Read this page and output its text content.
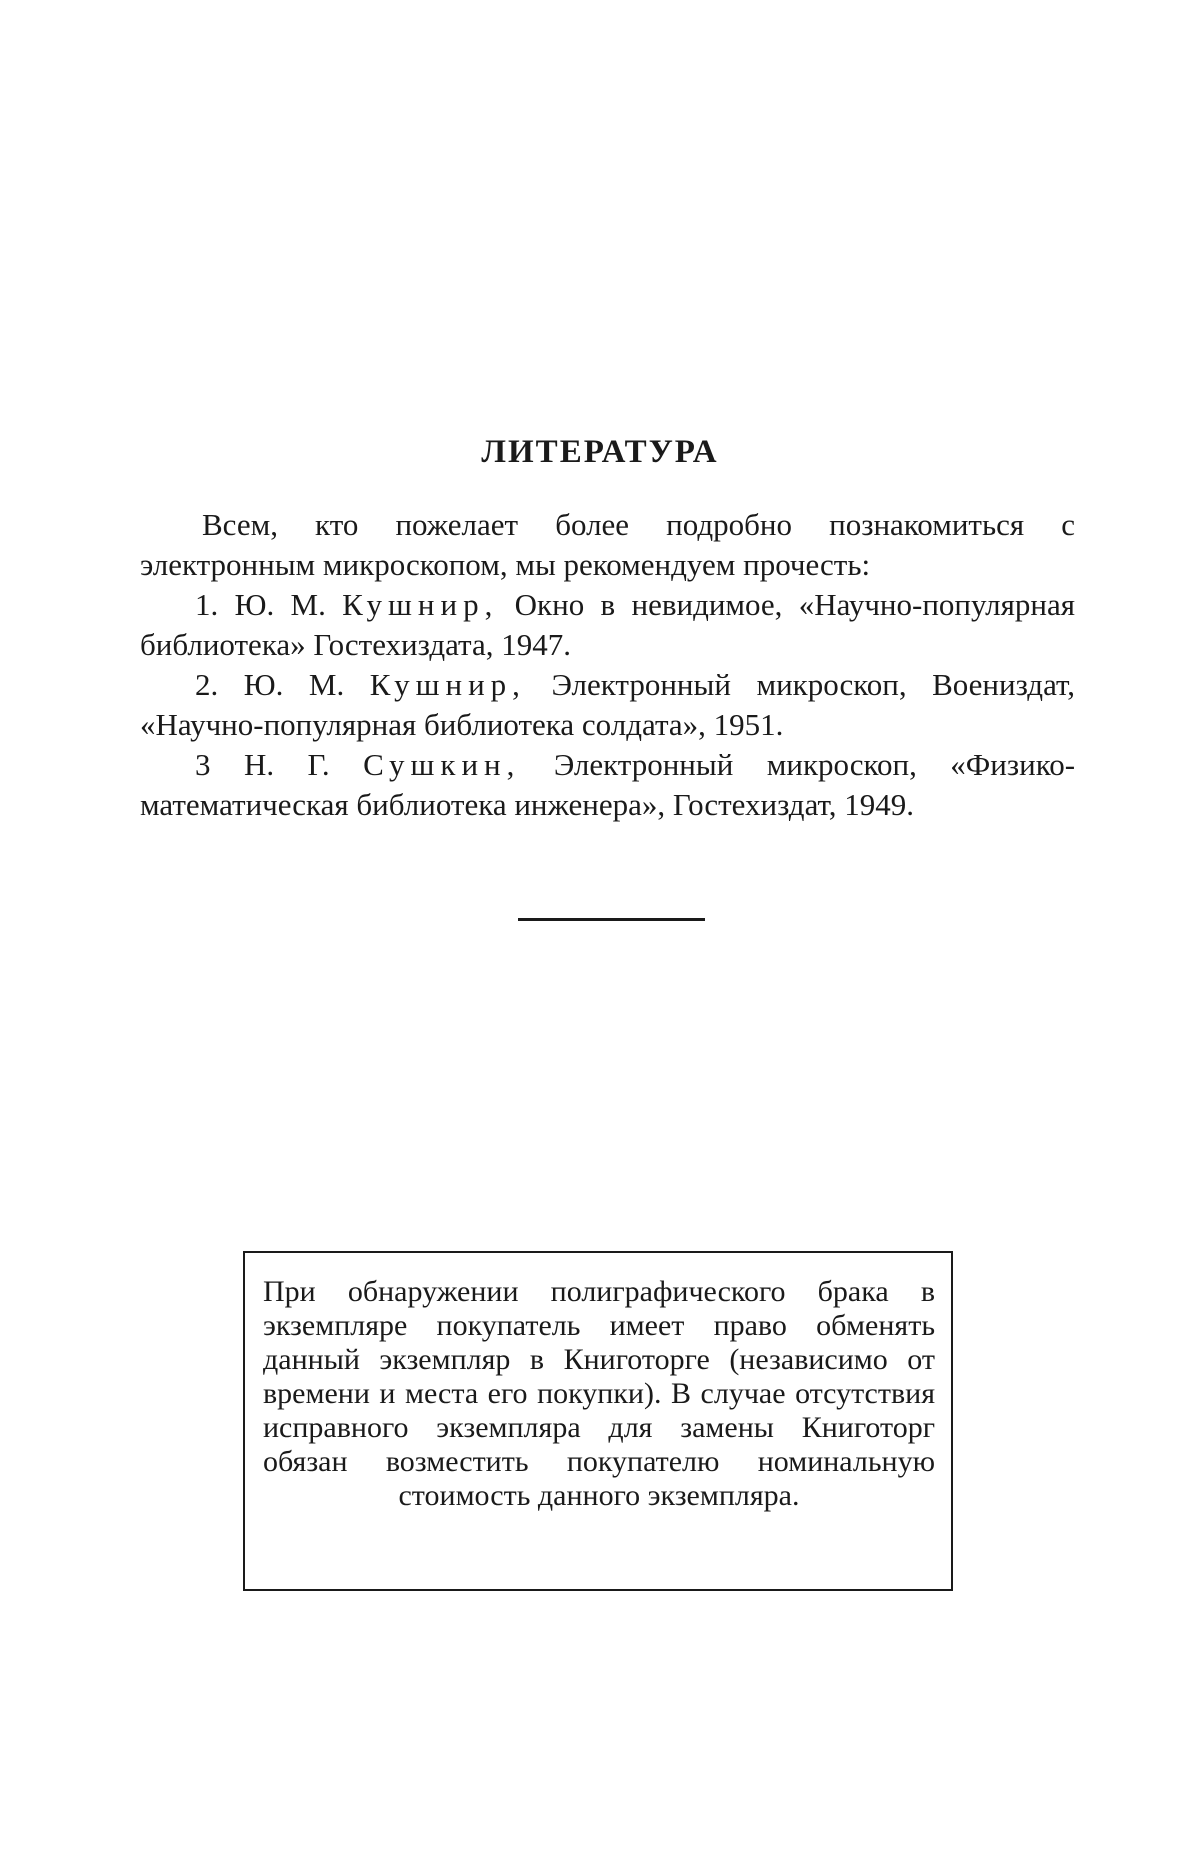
ЛИТЕРАТУРА

Всем, кто пожелает более подробно познакомиться с электронным микроскопом, мы рекомендуем прочесть:

1. Ю. М. Кушнир, Окно в невидимое, «Научно-популярная библиотека» Гостехиздата, 1947.

2. Ю. М. Кушнир, Электронный микроскоп, Воениздат, «Научно-популярная библиотека солдата», 1951.

3 Н. Г. Сушкин, Электронный микроскоп, «Физико-математическая библиотека инженера», Гостехиздат, 1949.

При обнаружении полиграфического брака в экземпляре покупатель имеет право обменять данный экземпляр в Книготорге (независимо от времени и места его покупки). В случае отсутствия исправного экземпляра для замены Книготорг обязан возместить покупателю номинальную стоимость данного экземпляра.
